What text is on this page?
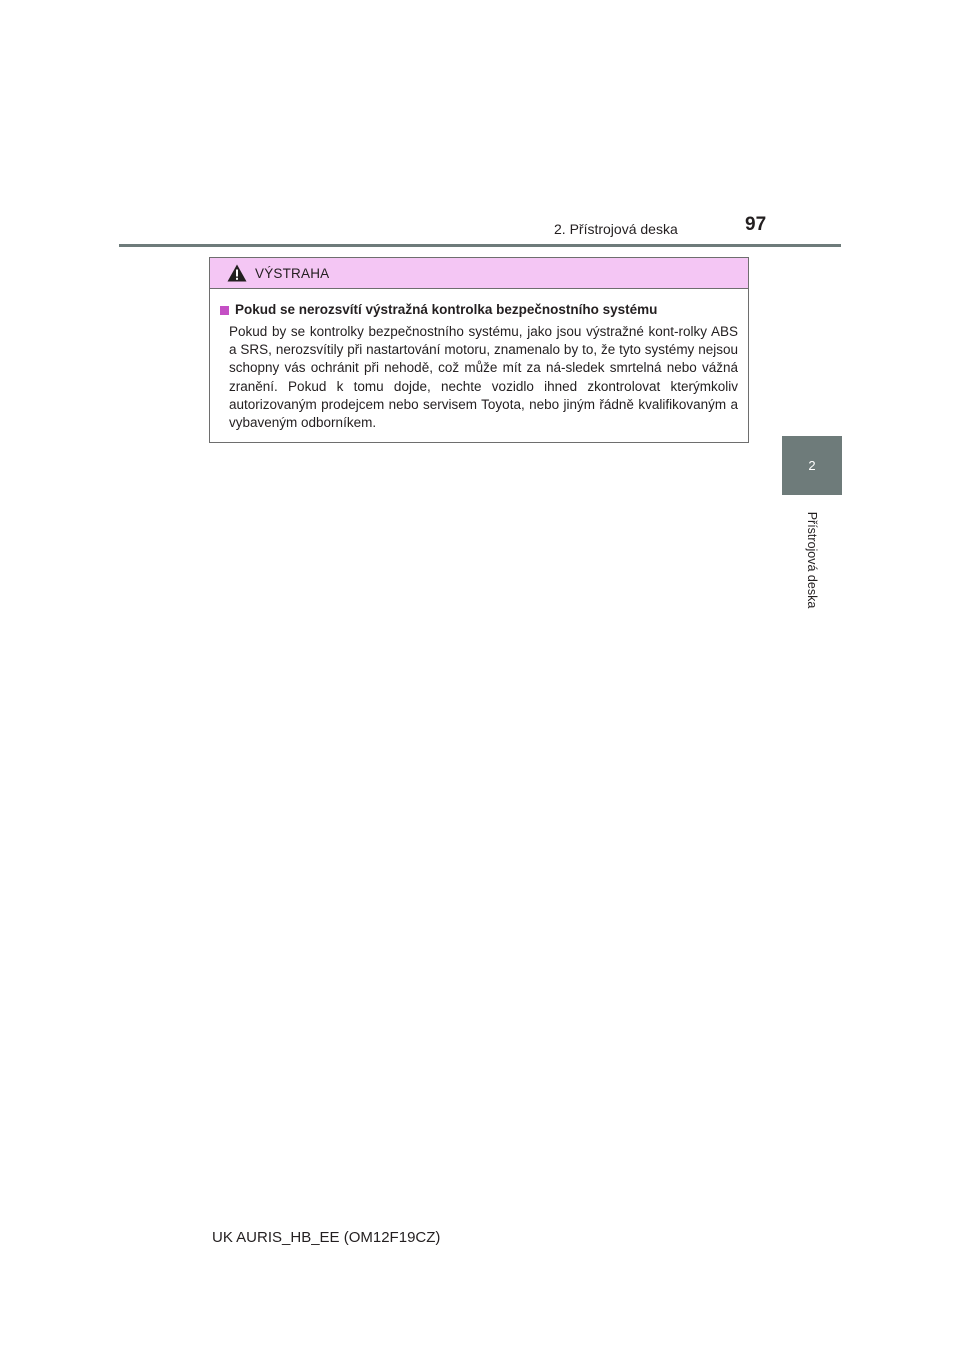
2. Přístrojová deska	97
2
Přístrojová deska
VÝSTRAHA
Pokud se nerozsvítí výstražná kontrolka bezpečnostního systému

Pokud by se kontrolky bezpečnostního systému, jako jsou výstražné kont-rolky ABS a SRS, nerozsvítily při nastartování motoru, znamenalo by to, že tyto systémy nejsou schopny vás ochránit při nehodě, což může mít za ná-sledek smrtelná nebo vážná zranění. Pokud k tomu dojde, nechte vozidlo ihned zkontrolovat kterýmkoliv autorizovaným prodejcem nebo servisem Toyota, nebo jiným řádně kvalifikovaným a vybaveným odborníkem.

UK AURIS_HB_EE (OM12F19CZ)
